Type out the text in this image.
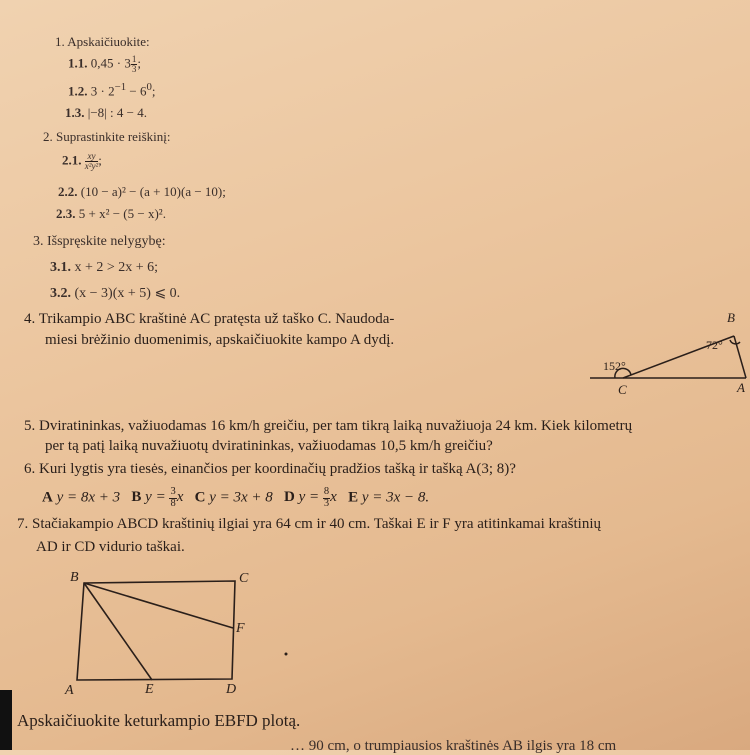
1. Apskaičiuokite:
1.1. $0,45 \cdot 3 \frac{1}{3}$ ;
1.2. $3 \cdot 2^{-1} - 6^0$;
1.3. |−8| : 4 − 4.
2. Suprastinkite reiškinį:
2.1. $\frac{xy}{\text{x²y²}}$;
2.2. (10 − a)² − (a + 10)(a − 10);
2.3. 5 + x² − (5 − x)².
3. Išspręskite nelygybę:
3.1. x + 2 > 2x + 6;
3.2. (x − 3)(x + 5) ⩽ 0.
4. Trikampio ABC kraštinė AC pratęsta už taško C. Naudoda-
miesi brėžinio duomenimis, apskaičiuokite kampo A dydį.
B
C	A
72°
152°
5. Dviratininkas, važiuodamas 16 km/h greičiu, per tam tikrą laiką nuvažiuoja 24 km. Kiek kilometrų
per tą patį laiką nuvažiuotų dviratininkas, važiuodamas 10,5 km/h greičiu?
6. Kuri lygtis yra tiesės, einančios per koordinačių pradžios tašką ir tašką A(3; 8)?
A y = 8x + 3 B $y = \frac{3}{8}$ x C y = 3x + 8 D $y = \frac{8}{3}$ x E y = 3x − 8.
7. Stačiakampio ABCD kraštinių ilgiai yra 64 cm ir 40 cm. Taškai E ir F yra atitinkamai kraštinių
AD ir CD vidurio taškai.
B	C
F
A	E	D
Apskaičiuokite keturkampio EBFD plotą.
… 90 cm, o trumpiausios kraštinės AB ilgis yra 18 cm
